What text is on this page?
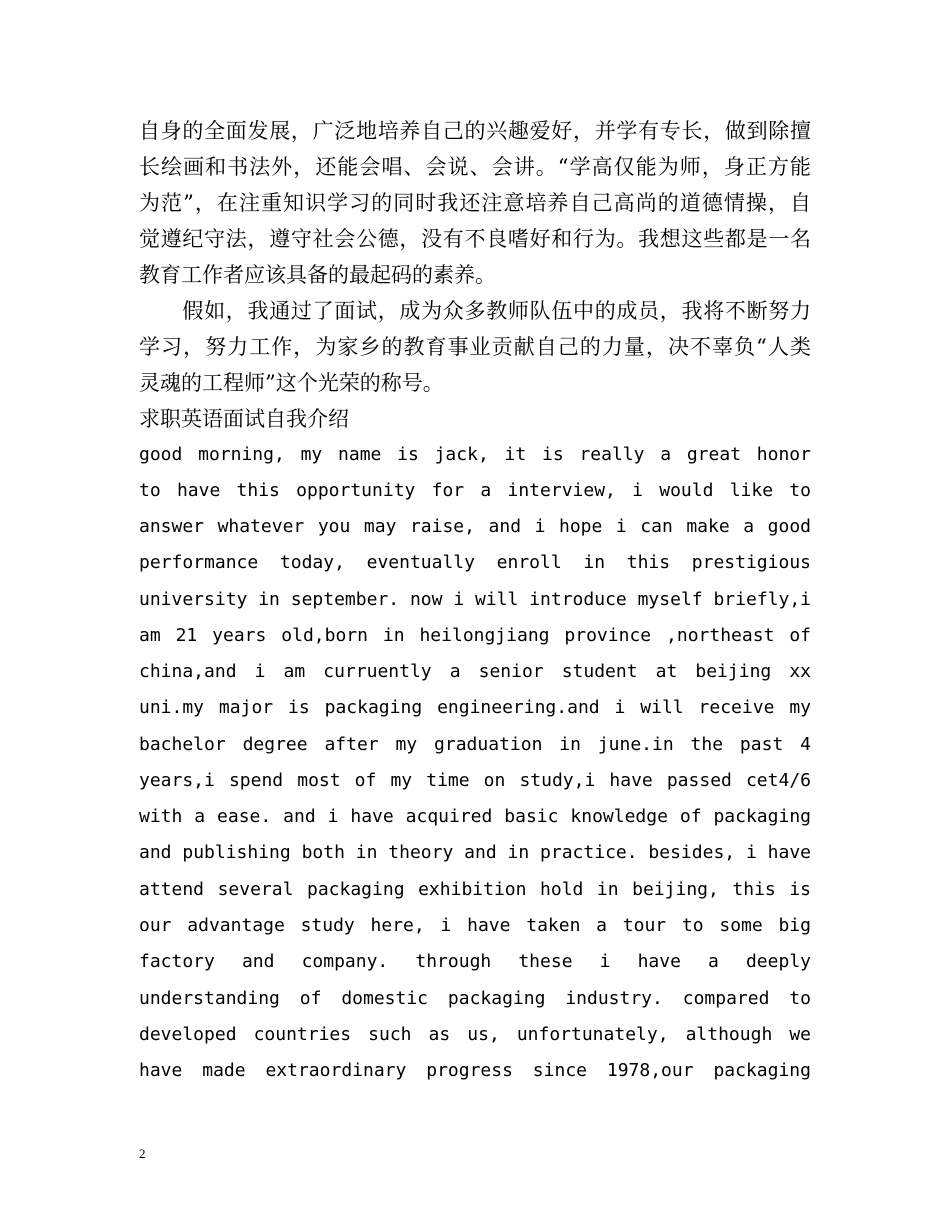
自身的全面发展，广泛地培养自己的兴趣爱好，并学有专长，做到除擅

长绘画和书法外，还能会唱、会说、会讲。“学高仅能为师，身正方能

为范”，在注重知识学习的同时我还注意培养自己高尚的道德情操，自

觉遵纪守法，遵守社会公德，没有不良嗜好和行为。我想这些都是一名

教育工作者应该具备的最起码的素养。

　　假如，我通过了面试，成为众多教师队伍中的成员，我将不断努力

学习，努力工作，为家乡的教育事业贡献自己的力量，决不辜负“人类

灵魂的工程师”这个光荣的称号。

求职英语面试自我介绍

good morning, my name is jack, it is really a great honor

to have this opportunity for a interview, i would like to

answer whatever you may raise, and i hope i can make a good

performance today, eventually enroll in this prestigious

university in september. now i will introduce myself briefly,i

am 21 years old,born in heilongjiang province ,northeast of

china,and i am curruently a senior student at beijing xx

uni.my major is packaging engineering.and i will receive my

bachelor degree after my graduation in june.in the past 4

years,i spend most of my time on study,i have passed cet4/6

with a ease. and i have acquired basic knowledge of packaging

and publishing both in theory and in practice. besides, i have

attend several packaging exhibition hold in beijing, this is

our advantage study here, i have taken a tour to some big

factory and company. through these i have a deeply

understanding of domestic packaging industry. compared to

developed countries such as us, unfortunately, although we

have made extraordinary progress since 1978,our packaging

2
